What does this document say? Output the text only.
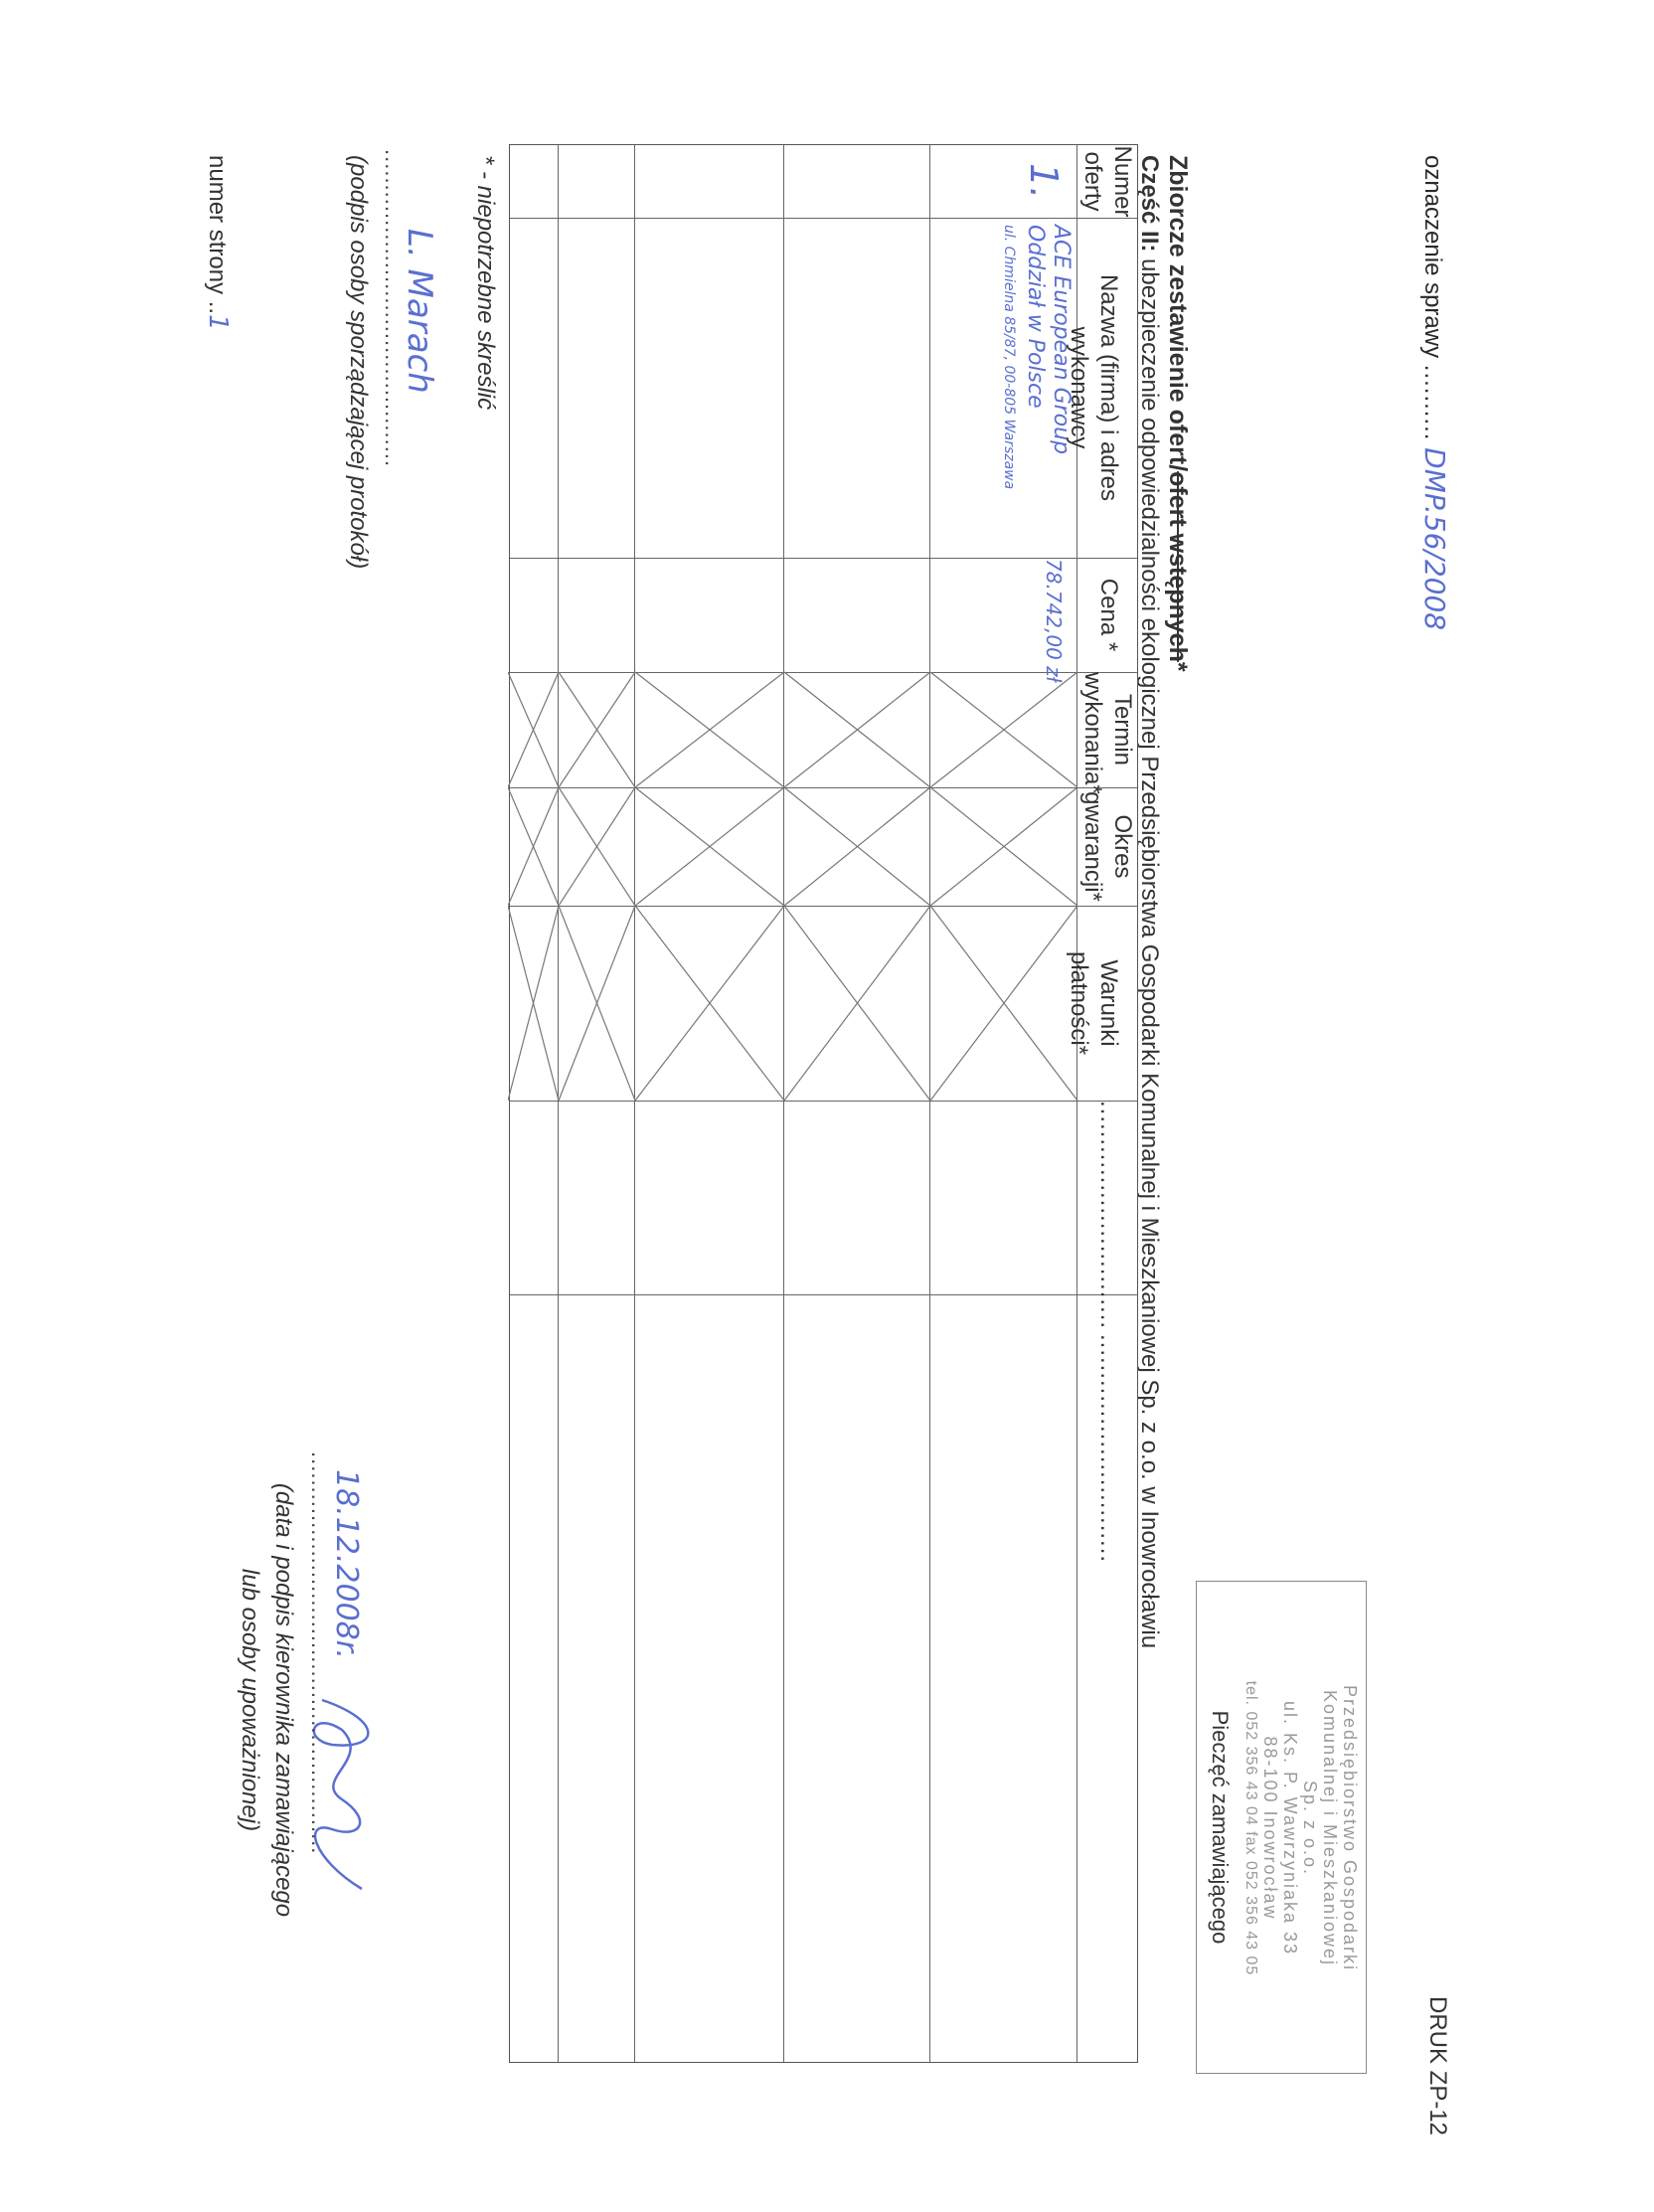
DRUK ZP-12
oznaczenie sprawy .......... DMP.56/2008
Przedsiębiorstwo Gospodarki
Komunalnej i Mieszkaniowej
Sp. z o.o.
ul. Ks. P. Wawrzyniaka 33
88-100 Inowrocław
tel. 052 356 43 04 fax 052 356 43 05
Pieczęć zamawiającego
Zbiorcze zestawienie ofert/ofert wstępnych*
Część II: ubezpieczenie odpowiedzialności ekologicznej Przedsiębiorstwa Gospodarki Komunalnej i Mieszkaniowej Sp. z o.o. w Inowrocławiu
Numer
oferty
Nazwa (firma) i adres wykonawcy
Cena *
Termin
wykonania*
Okres
gwarancji*
Warunki płatności*
..............................
..............................
1.
ACE European Group
Oddział w Polsce
ul. Chmielna 85/87, 00-805 Warszawa
78.742,00 zł
* - niepotrzebne skreślić
L. Marach
.............................................
(podpis osoby sporządzającej protokół)
numer strony ..1
18.12.2008r.
.........................................................
(data i podpis kierownika zamawiającego
lub osoby upoważnionej)
